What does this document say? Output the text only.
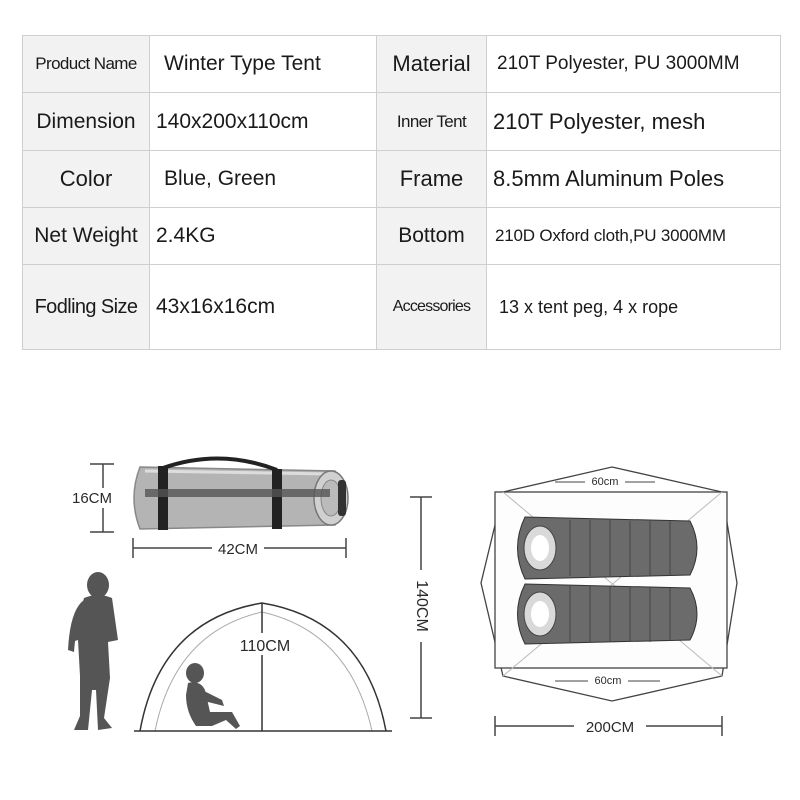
Product Name	Winter Type Tent	Material	210T Polyester, PU 3000MM

Dimension	140x200x110cm	Inner Tent	210T Polyester, mesh

Color	Blue, Green	Frame	8.5mm Aluminum Poles

Net Weight	2.4KG	Bottom	210D Oxford cloth,PU 3000MM

Fodling Size	43x16x16cm	Accessories	13 x tent peg, 4 x rope
16CM
42CM
110CM
140CM
60cm
60cm
200CM
